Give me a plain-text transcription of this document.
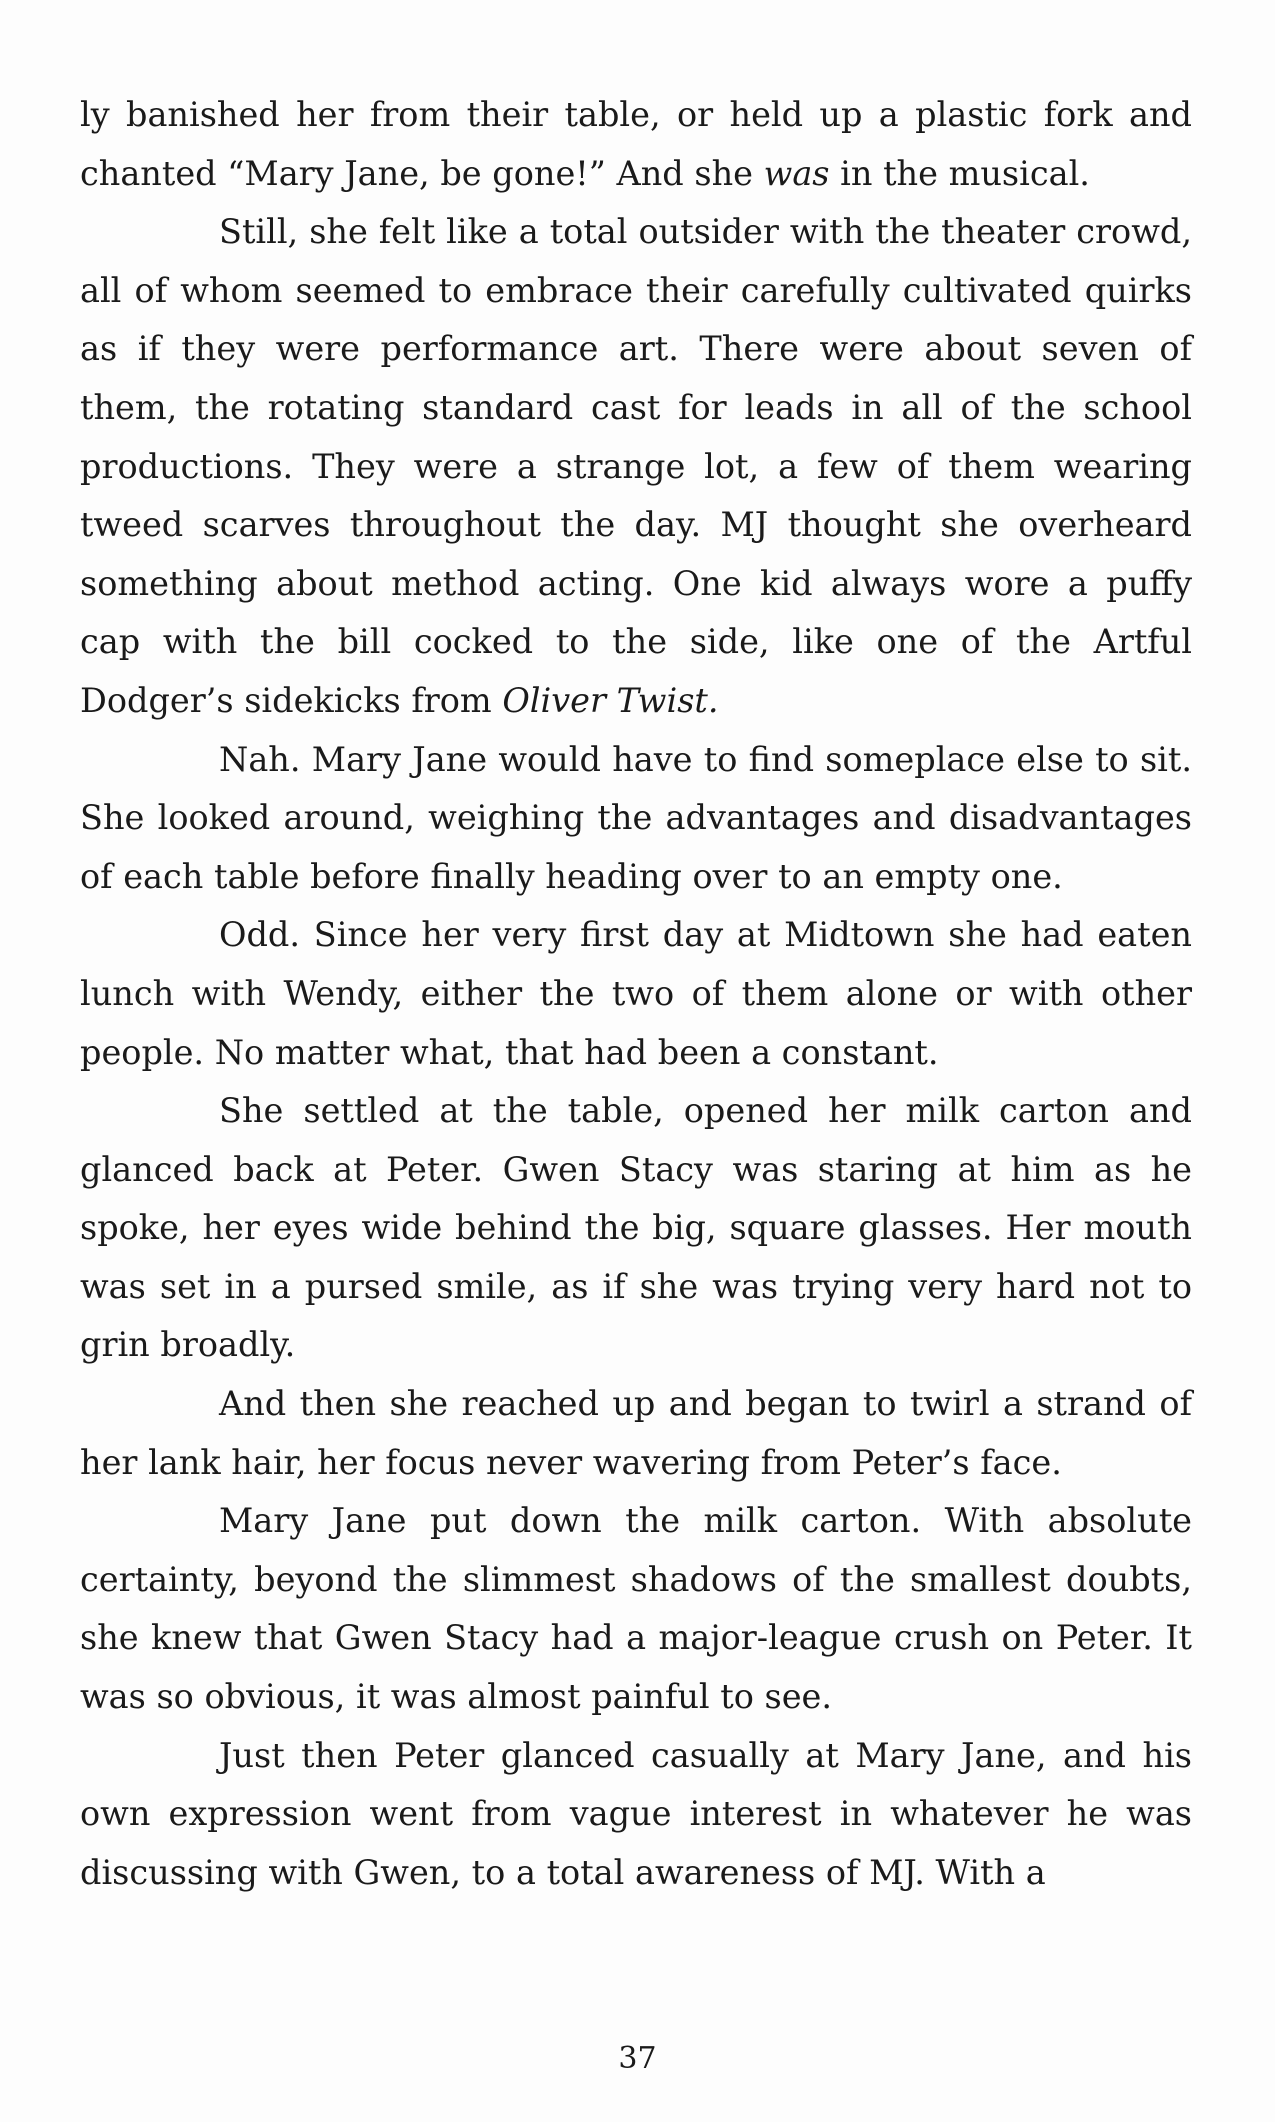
ly banished her from their table, or held up a plastic fork and chanted “Mary Jane, be gone!” And she was in the musical.

Still, she felt like a total outsider with the theater crowd, all of whom seemed to embrace their carefully cultivated quirks as if they were performance art. There were about seven of them, the rotating standard cast for leads in all of the school productions. They were a strange lot, a few of them wearing tweed scarves throughout the day. MJ thought she overheard something about method acting. One kid always wore a puffy cap with the bill cocked to the side, like one of the Artful Dodger’s sidekicks from Oliver Twist.

Nah. Mary Jane would have to find someplace else to sit. She looked around, weighing the advantages and disadvantages of each table before finally heading over to an empty one.

Odd. Since her very first day at Midtown she had eaten lunch with Wendy, either the two of them alone or with other people. No matter what, that had been a constant.

She settled at the table, opened her milk carton and glanced back at Peter. Gwen Stacy was staring at him as he spoke, her eyes wide behind the big, square glasses. Her mouth was set in a pursed smile, as if she was trying very hard not to grin broadly.

And then she reached up and began to twirl a strand of her lank hair, her focus never wavering from Peter’s face.

Mary Jane put down the milk carton. With absolute certainty, beyond the slimmest shadows of the smallest doubts, she knew that Gwen Stacy had a major-league crush on Peter. It was so obvious, it was almost painful to see.

Just then Peter glanced casually at Mary Jane, and his own expression went from vague interest in whatever he was discussing with Gwen, to a total awareness of MJ. With a

37
